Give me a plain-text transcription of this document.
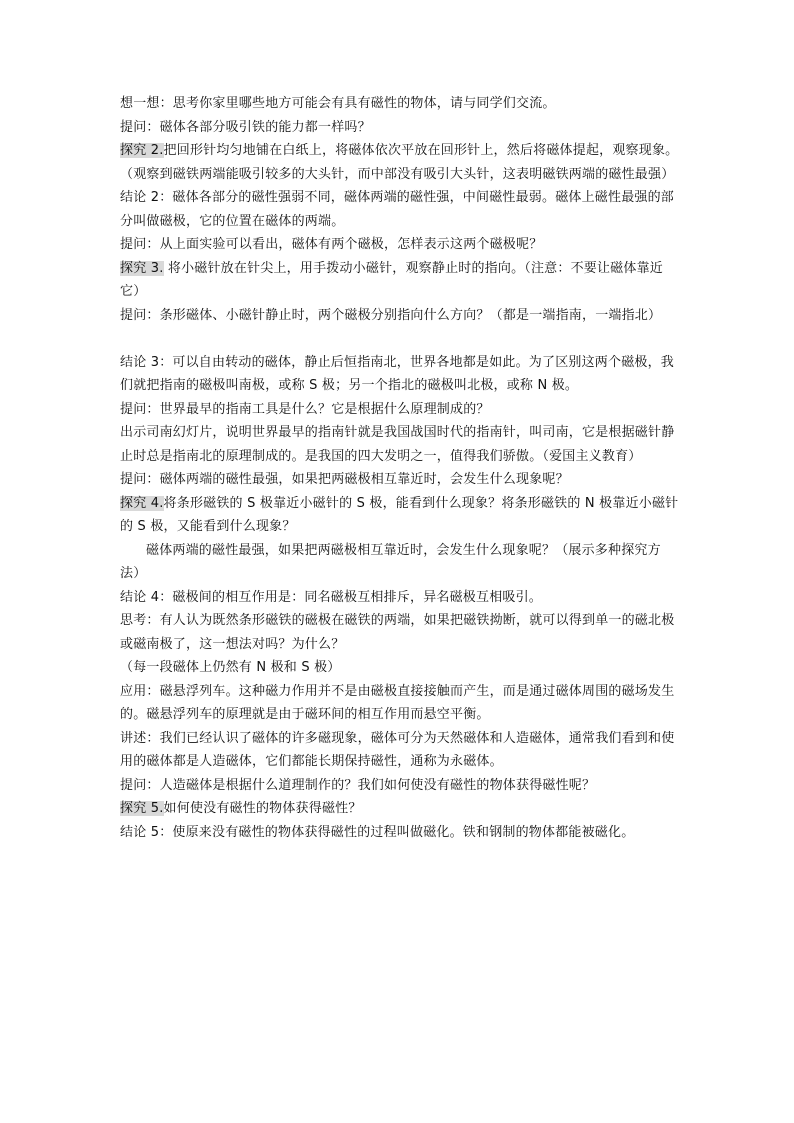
想一想：思考你家里哪些地方可能会有具有磁性的物体，请与同学们交流。

提问：磁体各部分吸引铁的能力都一样吗？

探究 2.把回形针均匀地铺在白纸上，将磁体依次平放在回形针上，然后将磁体提起，观察现象。（观察到磁铁两端能吸引较多的大头针，而中部没有吸引大头针，这表明磁铁两端的磁性最强）

结论 2：磁体各部分的磁性强弱不同，磁体两端的磁性强，中间磁性最弱。磁体上磁性最强的部分叫做磁极，它的位置在磁体的两端。

提问：从上面实验可以看出，磁体有两个磁极，怎样表示这两个磁极呢？

探究 3. 将小磁针放在针尖上，用手拨动小磁针，观察静止时的指向。（注意：不要让磁体靠近它）

提问：条形磁体、小磁针静止时，两个磁极分别指向什么方向？（都是一端指南，一端指北）

结论 3：可以自由转动的磁体，静止后恒指南北，世界各地都是如此。为了区别这两个磁极，我们就把指南的磁极叫南极，或称 S 极；另一个指北的磁极叫北极，或称 N 极。

提问：世界最早的指南工具是什么？它是根据什么原理制成的？

出示司南幻灯片，说明世界最早的指南针就是我国战国时代的指南针，叫司南，它是根据磁针静止时总是指南北的原理制成的。是我国的四大发明之一，值得我们骄傲。（爱国主义教育）

提问：磁体两端的磁性最强，如果把两磁极相互靠近时，会发生什么现象呢？

探究 4.将条形磁铁的 S 极靠近小磁针的 S 极，能看到什么现象？将条形磁铁的 N 极靠近小磁针的 S 极，又能看到什么现象？

磁体两端的磁性最强，如果把两磁极相互靠近时，会发生什么现象呢？（展示多种探究方法）

结论 4：磁极间的相互作用是：同名磁极互相排斥，异名磁极互相吸引。

思考：有人认为既然条形磁铁的磁极在磁铁的两端，如果把磁铁拗断，就可以得到单一的磁北极或磁南极了，这一想法对吗？为什么？

（每一段磁体上仍然有 N 极和 S 极）

应用：磁悬浮列车。这种磁力作用并不是由磁极直接接触而产生，而是通过磁体周围的磁场发生的。磁悬浮列车的原理就是由于磁环间的相互作用而悬空平衡。

讲述：我们已经认识了磁体的许多磁现象，磁体可分为天然磁体和人造磁体，通常我们看到和使用的磁体都是人造磁体，它们都能长期保持磁性，通称为永磁体。

提问：人造磁体是根据什么道理制作的？我们如何使没有磁性的物体获得磁性呢？

探究 5.如何使没有磁性的物体获得磁性？

结论 5：使原来没有磁性的物体获得磁性的过程叫做磁化。铁和钢制的物体都能被磁化。
